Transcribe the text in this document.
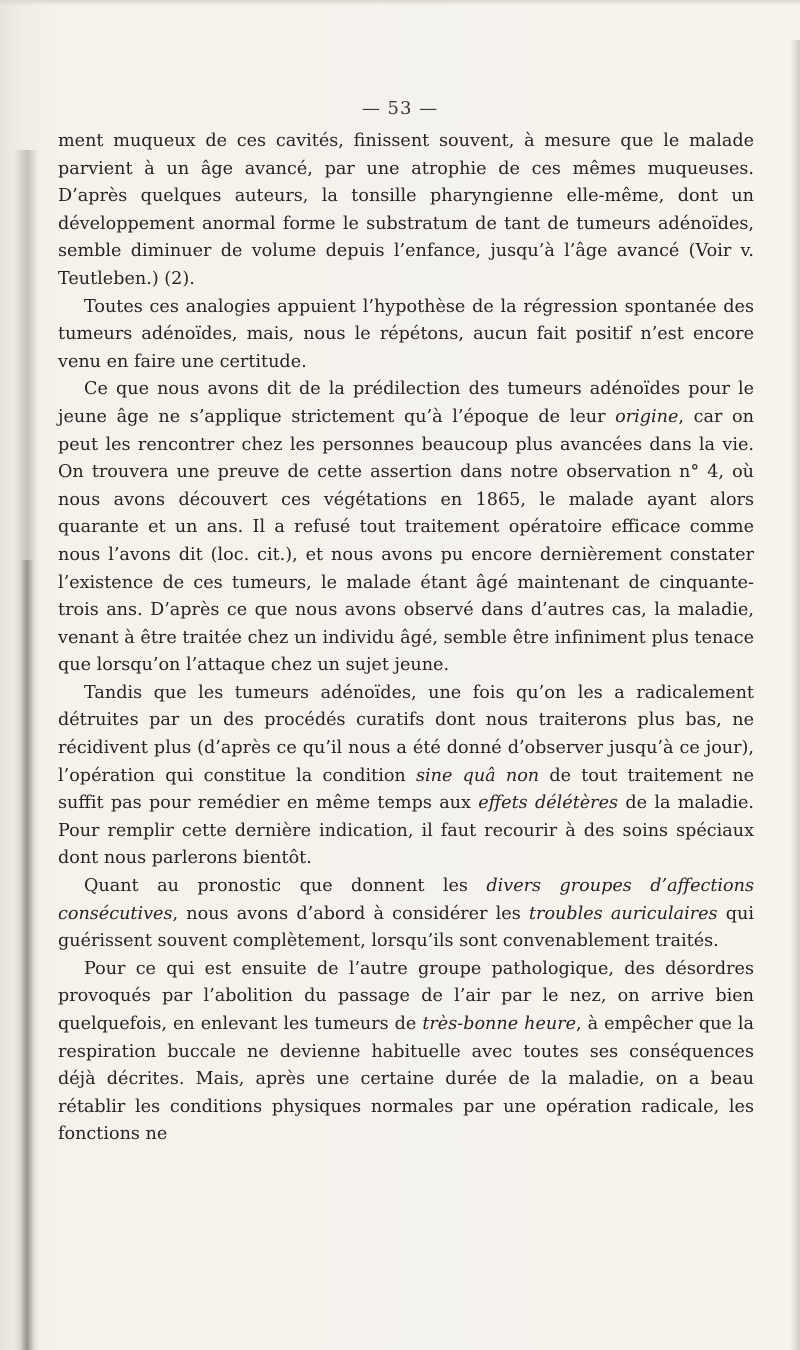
— 53 —

ment muqueux de ces cavités, finissent souvent, à mesure que le malade parvient à un âge avancé, par une atrophie de ces mêmes muqueuses. D’après quelques auteurs, la tonsille pharyngienne elle-même, dont un développement anormal forme le substratum de tant de tumeurs adénoïdes, semble diminuer de volume depuis l’enfance, jusqu’à l’âge avancé (Voir v. Teutleben.) (2).

Toutes ces analogies appuient l’hypothèse de la régression spontanée des tumeurs adénoïdes, mais, nous le répétons, aucun fait positif n’est encore venu en faire une certitude.

Ce que nous avons dit de la prédilection des tumeurs adénoïdes pour le jeune âge ne s’applique strictement qu’à l’époque de leur origine, car on peut les rencontrer chez les personnes beaucoup plus avancées dans la vie. On trouvera une preuve de cette assertion dans notre observation n° 4, où nous avons découvert ces végétations en 1865, le malade ayant alors quarante et un ans. Il a refusé tout traitement opératoire efficace comme nous l’avons dit (loc. cit.), et nous avons pu encore dernièrement constater l’existence de ces tumeurs, le malade étant âgé maintenant de cinquante-trois ans. D’après ce que nous avons observé dans d’autres cas, la maladie, venant à être traitée chez un individu âgé, semble être infiniment plus tenace que lorsqu’on l’attaque chez un sujet jeune.

Tandis que les tumeurs adénoïdes, une fois qu’on les a radicalement détruites par un des procédés curatifs dont nous traiterons plus bas, ne récidivent plus (d’après ce qu’il nous a été donné d’observer jusqu’à ce jour), l’opération qui constitue la condition sine quâ non de tout traitement ne suffit pas pour remédier en même temps aux effets délétères de la maladie. Pour remplir cette dernière indication, il faut recourir à des soins spéciaux dont nous parlerons bientôt.

Quant au pronostic que donnent les divers groupes d’affections consécutives, nous avons d’abord à considérer les troubles auriculaires qui guérissent souvent complètement, lorsqu’ils sont convenablement traités.

Pour ce qui est ensuite de l’autre groupe pathologique, des désordres provoqués par l’abolition du passage de l’air par le nez, on arrive bien quelquefois, en enlevant les tumeurs de très-bonne heure, à empêcher que la respiration buccale ne devienne habituelle avec toutes ses conséquences déjà décrites. Mais, après une certaine durée de la maladie, on a beau rétablir les conditions physiques normales par une opération radicale, les fonctions ne
